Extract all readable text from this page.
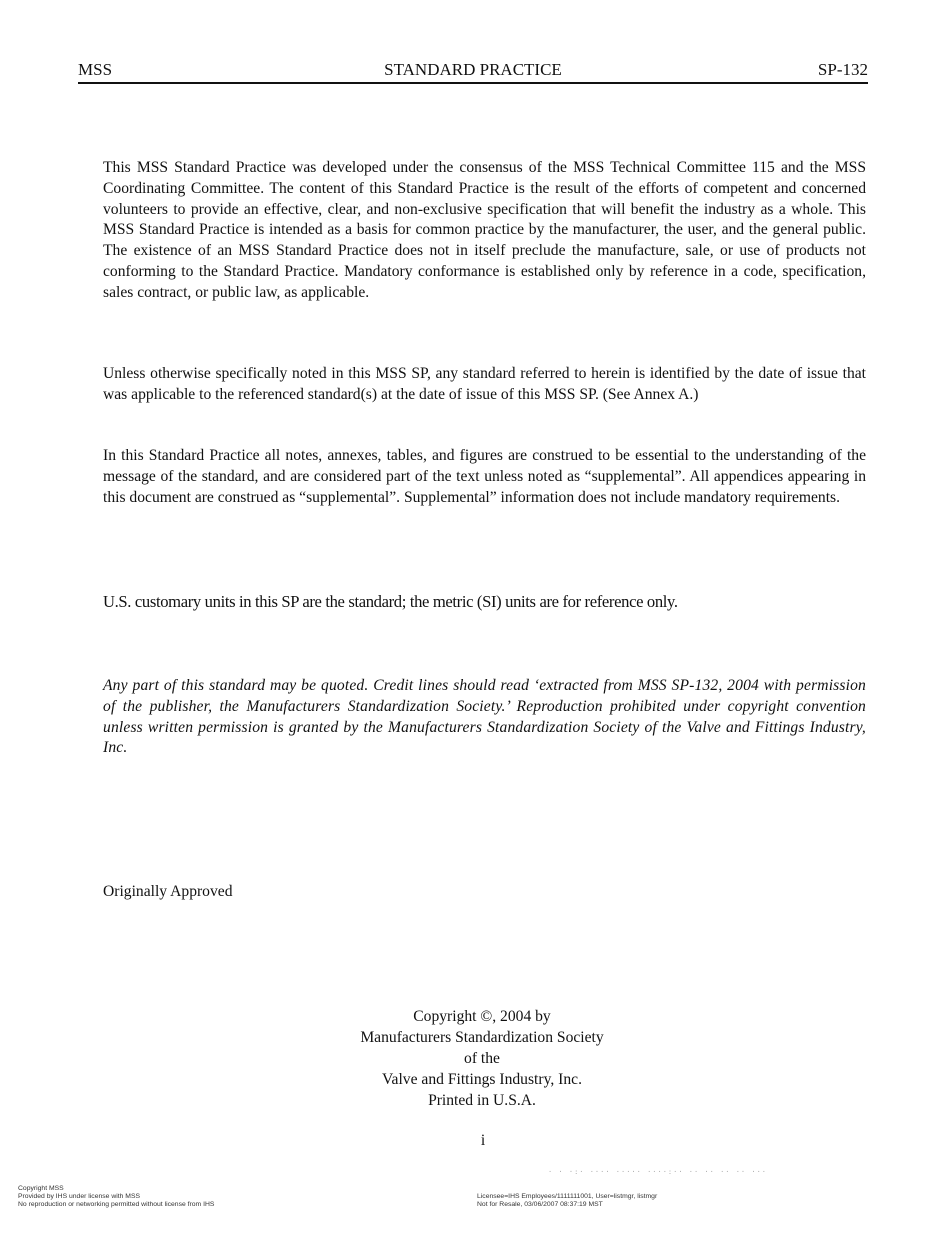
STANDARD PRACTICE
MSS	SP-132
This MSS Standard Practice was developed under the consensus of the MSS Technical Committee 115 and the MSS Coordinating Committee. The content of this Standard Practice is the result of the efforts of competent and concerned volunteers to provide an effective, clear, and non-exclusive specification that will benefit the industry as a whole. This MSS Standard Practice is intended as a basis for common practice by the manufacturer, the user, and the general public. The existence of an MSS Standard Practice does not in itself preclude the manufacture, sale, or use of products not conforming to the Standard Practice. Mandatory conformance is established only by reference in a code, specification, sales contract, or public law, as applicable.
Unless otherwise specifically noted in this MSS SP, any standard referred to herein is identified by the date of issue that was applicable to the referenced standard(s) at the date of issue of this MSS SP. (See Annex A.)
In this Standard Practice all notes, annexes, tables, and figures are construed to be essential to the understanding of the message of the standard, and are considered part of the text unless noted as “supplemental”. All appendices appearing in this document are construed as “supplemental”. Supplemental” information does not include mandatory requirements.
U.S. customary units in this SP are the standard; the metric (SI) units are for reference only.
Any part of this standard may be quoted. Credit lines should read ‘extracted from MSS SP-132, 2004 with permission of the publisher, the Manufacturers Standardization Society.’ Reproduction prohibited under copyright convention unless written permission is granted by the Manufacturers Standardization Society of the Valve and Fittings Industry, Inc.
Originally Approved
Copyright ©, 2004 by
Manufacturers Standardization Society
of the
Valve and Fittings Industry, Inc.
Printed in U.S.A.
i
· · ·:· ···· ····· ····:·· ·· ·· ·· ·· ···
Copyright MSS
Provided by IHS under license with MSS
No reproduction or networking permitted without license from IHS
Licensee=IHS Employees/1111111001, User=listmgr, listmgr
Not for Resale, 03/06/2007 08:37:19 MST
